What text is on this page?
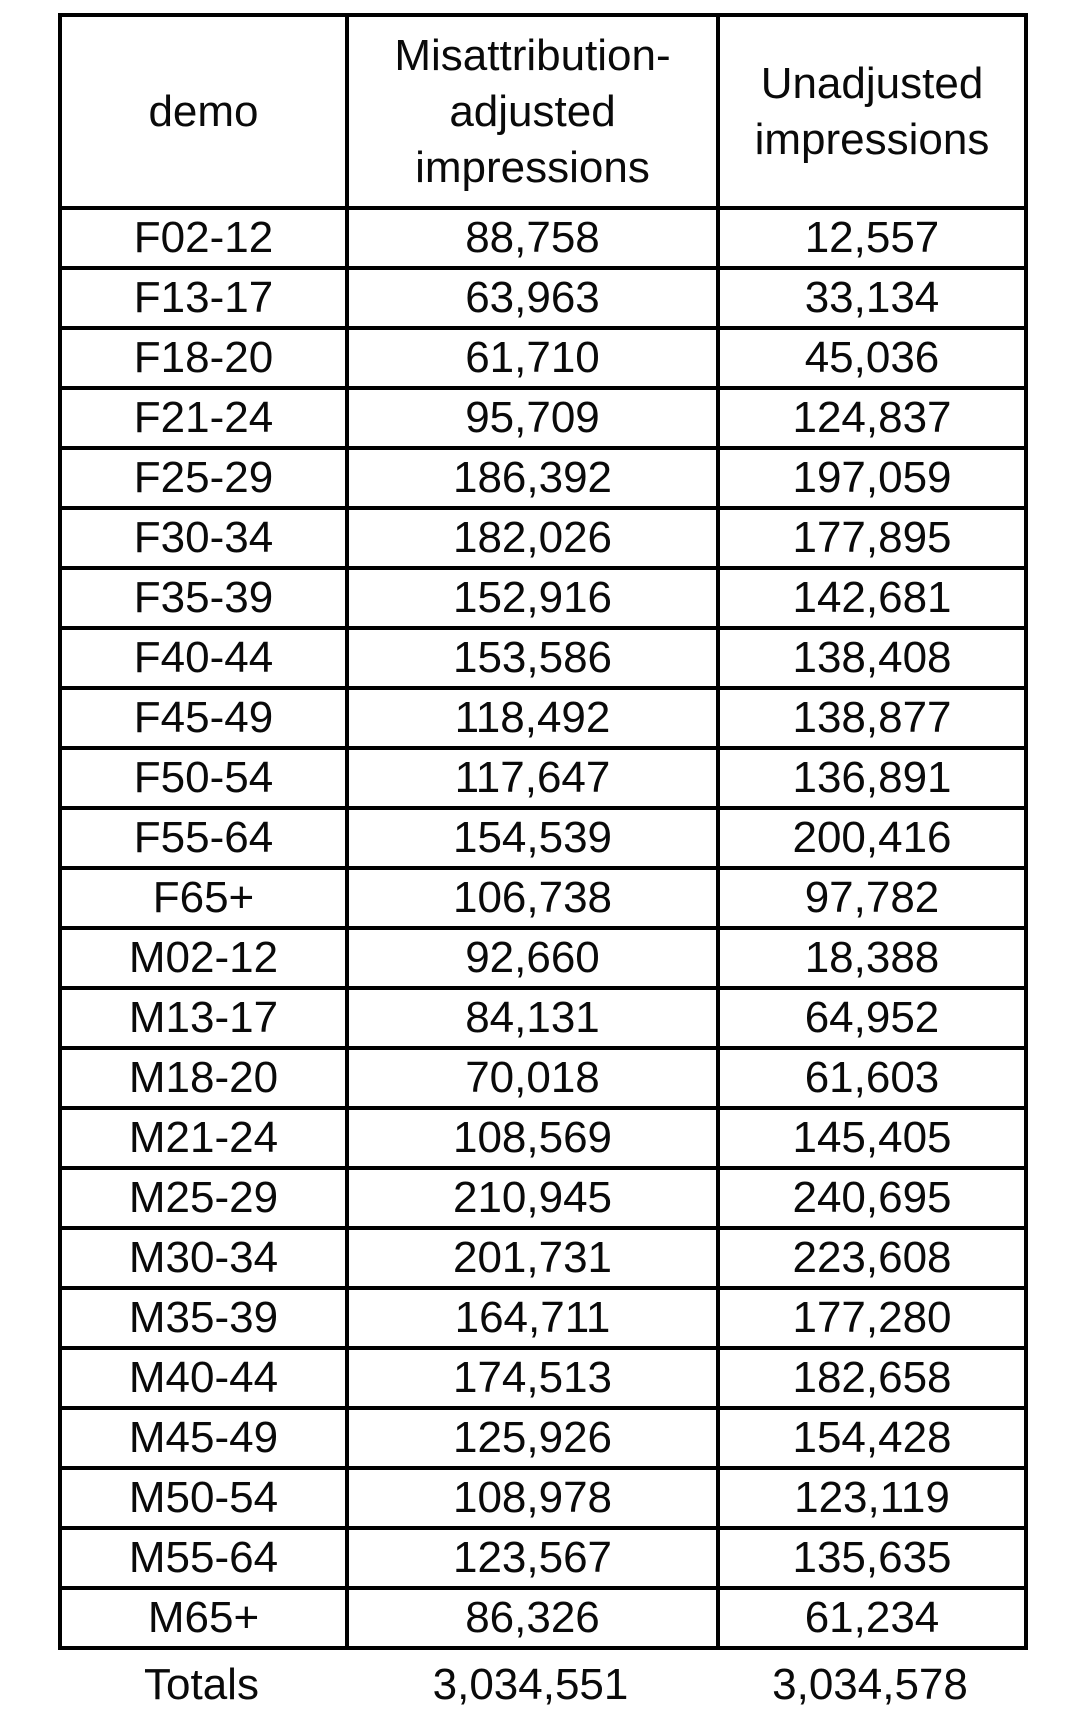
demo	Misattribution-adjusted impressions	Unadjusted impressions
F02-12	88,758	12,557
F13-17	63,963	33,134
F18-20	61,710	45,036
F21-24	95,709	124,837
F25-29	186,392	197,059
F30-34	182,026	177,895
F35-39	152,916	142,681
F40-44	153,586	138,408
F45-49	118,492	138,877
F50-54	117,647	136,891
F55-64	154,539	200,416
F65+	106,738	97,782
M02-12	92,660	18,388
M13-17	84,131	64,952
M18-20	70,018	61,603
M21-24	108,569	145,405
M25-29	210,945	240,695
M30-34	201,731	223,608
M35-39	164,711	177,280
M40-44	174,513	182,658
M45-49	125,926	154,428
M50-54	108,978	123,119
M55-64	123,567	135,635
M65+	86,326	61,234
Totals	3,034,551	3,034,578
